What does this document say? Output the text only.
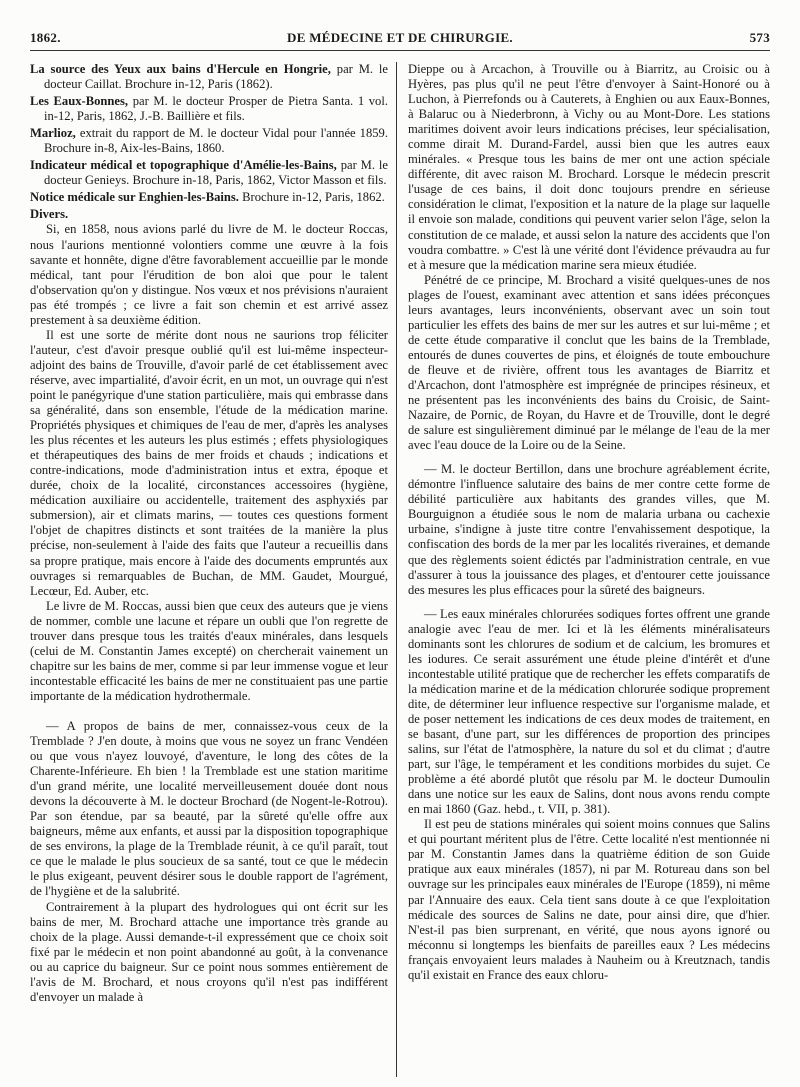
1862.	DE MÉDECINE ET DE CHIRURGIE.	573

La source des Yeux aux bains d'Hercule en Hongrie, par M. le docteur Caillat. Brochure in-12, Paris (1862).

Les Eaux-Bonnes, par M. le docteur Prosper de Pietra Santa. 1 vol. in-12, Paris, 1862, J.-B. Baillière et fils.

Marlioz, extrait du rapport de M. le docteur Vidal pour l'année 1859. Brochure in-8, Aix-les-Bains, 1860.

Indicateur médical et topographique d'Amélie-les-Bains, par M. le docteur Genieys. Brochure in-18, Paris, 1862, Victor Masson et fils.

Notice médicale sur Enghien-les-Bains. Brochure in-12, Paris, 1862.

Divers.

Si, en 1858, nous avions parlé du livre de M. le docteur Roccas, nous l'aurions mentionné volontiers comme une œuvre à la fois savante et honnête, digne d'être favorablement accueillie par le monde médical, tant pour l'érudition de bon aloi que pour le talent d'observation qu'on y distingue. Nos vœux et nos prévisions n'auraient pas été trompés ; ce livre a fait son chemin et est arrivé assez prestement à sa deuxième édition.

Il est une sorte de mérite dont nous ne saurions trop féliciter l'auteur, c'est d'avoir presque oublié qu'il est lui-même inspecteur-adjoint des bains de Trouville, d'avoir parlé de cet établissement avec réserve, avec impartialité, d'avoir écrit, en un mot, un ouvrage qui n'est point le panégyrique d'une station particulière, mais qui embrasse dans sa généralité, dans son ensemble, l'étude de la médication marine. Propriétés physiques et chimiques de l'eau de mer, d'après les analyses les plus récentes et les auteurs les plus estimés ; effets physiologiques et thérapeutiques des bains de mer froids et chauds ; indications et contre-indications, mode d'administration intus et extra, époque et durée, choix de la localité, circonstances accessoires (hygiène, médication auxiliaire ou accidentelle, traitement des asphyxiés par submersion), air et climats marins, — toutes ces questions forment l'objet de chapitres distincts et sont traitées de la manière la plus précise, non-seulement à l'aide des faits que l'auteur a recueillis dans sa propre pratique, mais encore à l'aide des documents empruntés aux ouvrages si remarquables de Buchan, de MM. Gaudet, Mourgué, Lecœur, Ed. Auber, etc.

Le livre de M. Roccas, aussi bien que ceux des auteurs que je viens de nommer, comble une lacune et répare un oubli que l'on regrette de trouver dans presque tous les traités d'eaux minérales, dans lesquels (celui de M. Constantin James excepté) on chercherait vainement un chapitre sur les bains de mer, comme si par leur immense vogue et leur incontestable efficacité les bains de mer ne constituaient pas une partie importante de la médication hydrothermale.

— A propos de bains de mer, connaissez-vous ceux de la Tremblade ? J'en doute, à moins que vous ne soyez un franc Vendéen ou que vous n'ayez louvoyé, d'aventure, le long des côtes de la Charente-Inférieure. Eh bien ! la Tremblade est une station maritime d'un grand mérite, une localité merveilleusement douée dont nous devons la découverte à M. le docteur Brochard (de Nogent-le-Rotrou). Par son étendue, par sa beauté, par la sûreté qu'elle offre aux baigneurs, même aux enfants, et aussi par la disposition topographique de ses environs, la plage de la Tremblade réunit, à ce qu'il paraît, tout ce que le malade le plus soucieux de sa santé, tout ce que le médecin le plus exigeant, peuvent désirer sous le double rapport de l'agrément, de l'hygiène et de la salubrité.

Contrairement à la plupart des hydrologues qui ont écrit sur les bains de mer, M. Brochard attache une importance très grande au choix de la plage. Aussi demande-t-il expressément que ce choix soit fixé par le médecin et non point abandonné au goût, à la convenance ou au caprice du baigneur. Sur ce point nous sommes entièrement de l'avis de M. Brochard, et nous croyons qu'il n'est pas indifférent d'envoyer un malade à

Dieppe ou à Arcachon, à Trouville ou à Biarritz, au Croisic ou à Hyères, pas plus qu'il ne peut l'être d'envoyer à Saint-Honoré ou à Luchon, à Pierrefonds ou à Cauterets, à Enghien ou aux Eaux-Bonnes, à Balaruc ou à Niederbronn, à Vichy ou au Mont-Dore. Les stations maritimes doivent avoir leurs indications précises, leur spécialisation, comme dirait M. Durand-Fardel, aussi bien que les autres eaux minérales. « Presque tous les bains de mer ont une action spéciale différente, dit avec raison M. Brochard. Lorsque le médecin prescrit l'usage de ces bains, il doit donc toujours prendre en sérieuse considération le climat, l'exposition et la nature de la plage sur laquelle il envoie son malade, conditions qui peuvent varier selon l'âge, selon la constitution de ce malade, et aussi selon la nature des accidents que l'on voudra combattre. » C'est là une vérité dont l'évidence prévaudra au fur et à mesure que la médication marine sera mieux étudiée.

Pénétré de ce principe, M. Brochard a visité quelques-unes de nos plages de l'ouest, examinant avec attention et sans idées préconçues leurs avantages, leurs inconvénients, observant avec un soin tout particulier les effets des bains de mer sur les autres et sur lui-même ; et de cette étude comparative il conclut que les bains de la Tremblade, entourés de dunes couvertes de pins, et éloignés de toute embouchure de fleuve et de rivière, offrent tous les avantages de Biarritz et d'Arcachon, dont l'atmosphère est imprégnée de principes résineux, et ne présentent pas les inconvénients des bains du Croisic, de Saint-Nazaire, de Pornic, de Royan, du Havre et de Trouville, dont le degré de salure est singulièrement diminué par le mélange de l'eau de la mer avec l'eau douce de la Loire ou de la Seine.

— M. le docteur Bertillon, dans une brochure agréablement écrite, démontre l'influence salutaire des bains de mer contre cette forme de débilité particulière aux habitants des grandes villes, que M. Bourguignon a étudiée sous le nom de malaria urbana ou cachexie urbaine, s'indigne à juste titre contre l'envahissement despotique, la confiscation des bords de la mer par les localités riveraines, et demande que des règlements soient édictés par l'administration centrale, en vue d'assurer à tous la jouissance des plages, et d'entourer cette jouissance des mesures les plus efficaces pour la sûreté des baigneurs.

— Les eaux minérales chlorurées sodiques fortes offrent une grande analogie avec l'eau de mer. Ici et là les éléments minéralisateurs dominants sont les chlorures de sodium et de calcium, les bromures et les iodures. Ce serait assurément une étude pleine d'intérêt et d'une incontestable utilité pratique que de rechercher les effets comparatifs de la médication marine et de la médication chlorurée sodique proprement dite, de déterminer leur influence respective sur l'organisme malade, et de poser nettement les indications de ces deux modes de traitement, en se basant, d'une part, sur les différences de proportion des principes salins, sur l'état de l'atmosphère, la nature du sol et du climat ; d'autre part, sur l'âge, le tempérament et les conditions morbides du sujet. Ce problème a été abordé plutôt que résolu par M. le docteur Dumoulin dans une notice sur les eaux de Salins, dont nous avons rendu compte en mai 1860 (Gaz. hebd., t. VII, p. 381).

Il est peu de stations minérales qui soient moins connues que Salins et qui pourtant méritent plus de l'être. Cette localité n'est mentionnée ni par M. Constantin James dans la quatrième édition de son Guide pratique aux eaux minérales (1857), ni par M. Rotureau dans son bel ouvrage sur les principales eaux minérales de l'Europe (1859), ni même par l'Annuaire des eaux. Cela tient sans doute à ce que l'exploitation médicale des sources de Salins ne date, pour ainsi dire, que d'hier. N'est-il pas bien surprenant, en vérité, que nous ayons ignoré ou méconnu si longtemps les bienfaits de pareilles eaux ? Les médecins français envoyaient leurs malades à Nauheim ou à Kreutznach, tandis qu'il existait en France des eaux chloru-
